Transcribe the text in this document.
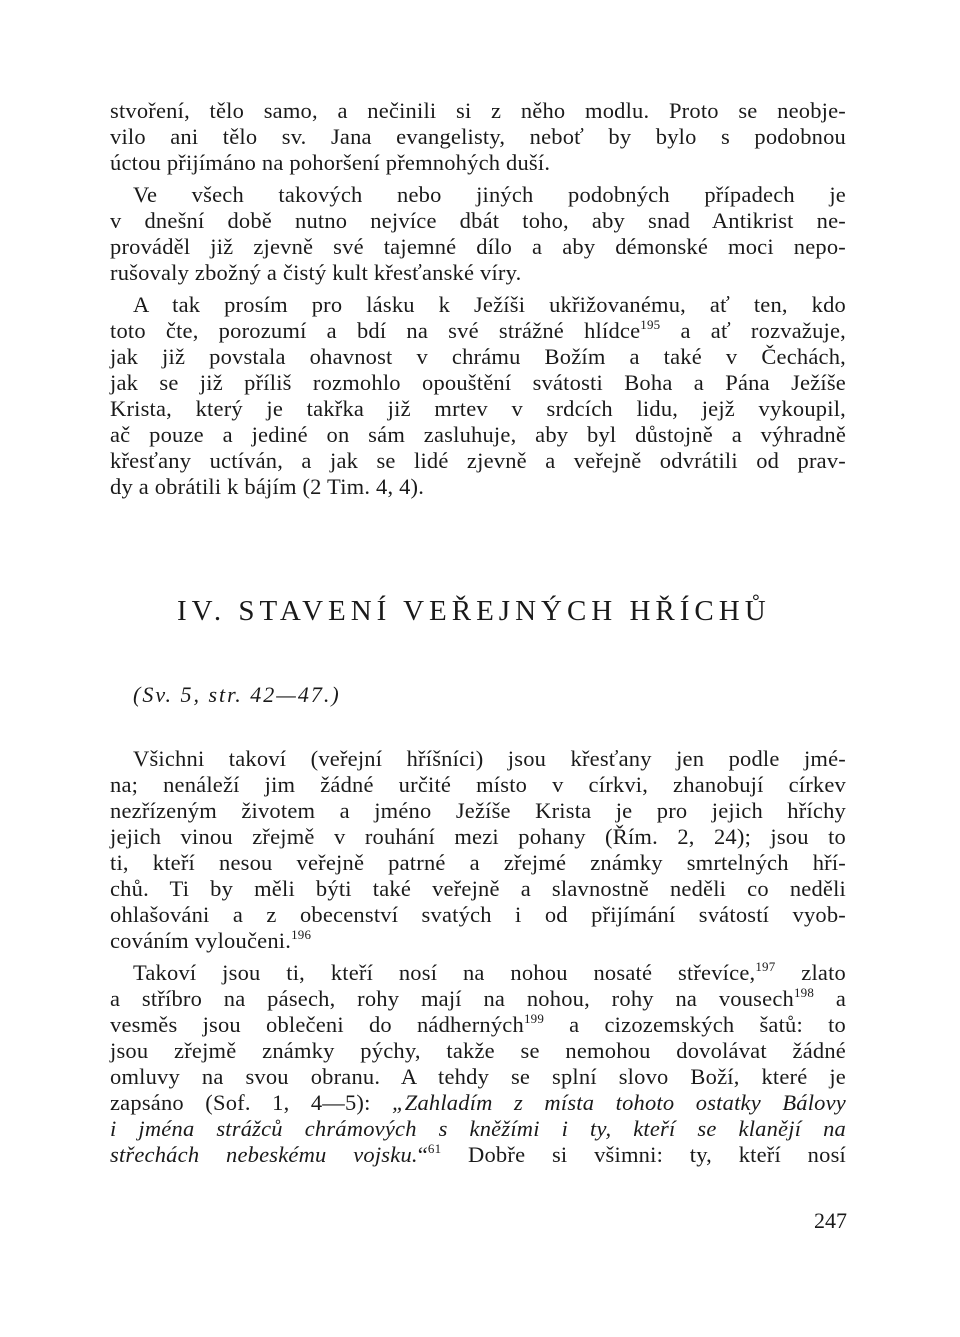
stvoření, tělo samo, a nečinili si z něho modlu. Proto se neobje-
vilo ani tělo sv. Jana evangelisty, neboť by bylo s podobnou
úctou přijímáno na pohoršení přemnohých duší.
Ve všech takových nebo jiných podobných případech je
v dnešní době nutno nejvíce dbát toho, aby snad Antikrist ne-
prováděl již zjevně své tajemné dílo a aby démonské moci nepo-
rušovaly zbožný a čistý kult křesťanské víry.
A tak prosím pro lásku k Ježíši ukřižovanému, ať ten, kdo
toto čte, porozumí a bdí na své strážné hlídce$^{195}$ a ať rozvažuje,
jak již povstala ohavnost v chrámu Božím a také v Čechách,
jak se již příliš rozmohlo opouštění svátosti Boha a Pána Ježíše
Krista, který je takřka již mrtev v srdcích lidu, jejž vykoupil,
ač pouze a jediné on sám zasluhuje, aby byl důstojně a výhradně
křesťany uctíván, a jak se lidé zjevně a veřejně odvrátili od prav-
dy a obrátili k bájím (2 Tim. 4, 4).
IV. STAVENÍ VEŘEJNÝCH HŘÍCHŮ
(Sv. 5, str. 42—47.)
Všichni takoví (veřejní hříšníci) jsou křesťany jen podle jmé-
na; nenáleží jim žádné určité místo v církvi, zhanobují církev
nezřízeným životem a jméno Ježíše Krista je pro jejich hříchy
jejich vinou zřejmě v rouhání mezi pohany (Řím. 2, 24); jsou to
ti, kteří nesou veřejně patrné a zřejmé známky smrtelných hří-
chů. Ti by měli býti také veřejně a slavnostně neděli co neděli
ohlašováni a z obecenství svatých i od přijímání svátostí vyob-
cováním vyloučeni.$^{196}$
Takoví jsou ti, kteří nosí na nohou nosaté střevíce,$^{197}$ zlato
a stříbro na pásech, rohy mají na nohou, rohy na vousech$^{198}$ a
vesměs jsou oblečeni do nádherných$^{199}$ a cizozemských šatů: to
jsou zřejmě známky pýchy, takže se nemohou dovolávat žádné
omluvy na svou obranu. A tehdy se splní slovo Boží, které je
zapsáno (Sof. 1, 4—5): „Zahladím z místa tohoto ostatky Bálovy
i jména strážců chrámových s kněžími i ty, kteří se klanějí na
střechách nebeskému vojsku.“$^{61}$ Dobře si všimni: ty, kteří nosí
247
